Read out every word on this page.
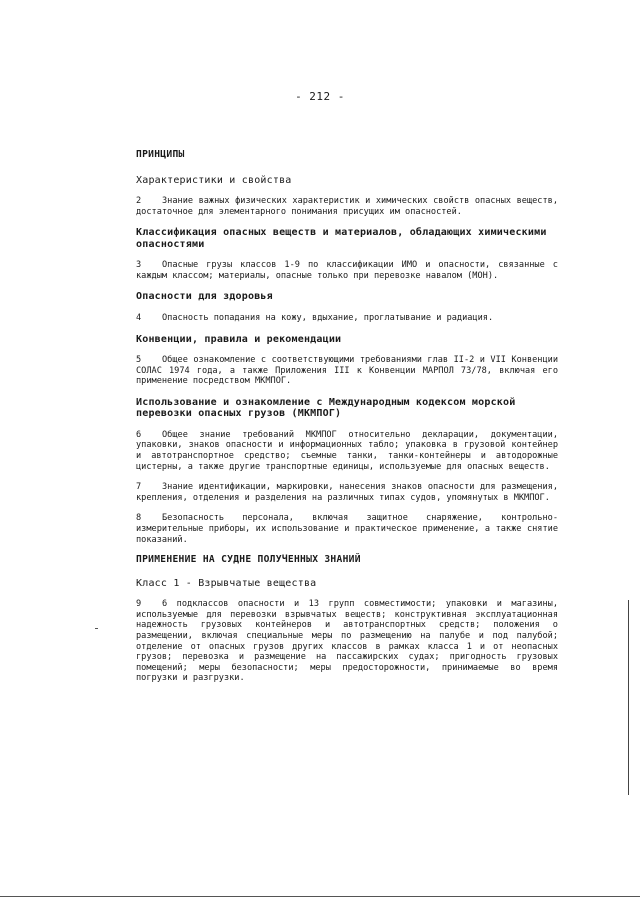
- 212 -
ПРИНЦИПЫ
Характеристики и свойства
2 Знание важных физических характеристик и химических свойств опасных веществ, достаточное для элементарного понимания присущих им опасностей.
Классификация опасных веществ и материалов, обладающих химическими опасностями
3 Опасные грузы классов 1-9 по классификации ИМО и опасности, связанные с каждым классом; материалы, опасные только при перевозке навалом (МОН).
Опасности для здоровья
4 Опасность попадания на кожу, вдыхание, проглатывание и радиация.
Конвенции, правила и рекомендации
5 Общее ознакомление с соответствующими требованиями глав II-2 и VII Конвенции СОЛАС 1974 года, а также Приложения III к Конвенции МАРПОЛ 73/78, включая его применение посредством МКМПОГ.
Использование и ознакомление с Международным кодексом морской перевозки опасных грузов (МКМПОГ)
6 Общее знание требований МКМПОГ относительно декларации, документации, упаковки, знаков опасности и информационных табло; упаковка в грузовой контейнер и автотранспортное средство; съемные танки, танки-контейнеры и автодорожные цистерны, а также другие транспортные единицы, используемые для опасных веществ.
7 Знание идентификации, маркировки, нанесения знаков опасности для размещения, крепления, отделения и разделения на различных типах судов, упомянутых в МКМПОГ.
8 Безопасность персонала, включая защитное снаряжение, контрольно-измерительные приборы, их использование и практическое применение, а также снятие показаний.
ПРИМЕНЕНИЕ НА СУДНЕ ПОЛУЧЕННЫХ ЗНАНИЙ
Класс 1 - Взрывчатые вещества
9 6 подклассов опасности и 13 групп совместимости; упаковки и магазины, используемые для перевозки взрывчатых веществ; конструктивная эксплуатационная надежность грузовых контейнеров и автотранспортных средств; положения о размещении, включая специальные меры по размещению на палубе и под палубой; отделение от опасных грузов других классов в рамках класса 1 и от неопасных грузов; перевозка и размещение на пассажирских судах; пригодность грузовых помещений; меры безопасности; меры предосторожности, принимаемые во время погрузки и разгрузки.
